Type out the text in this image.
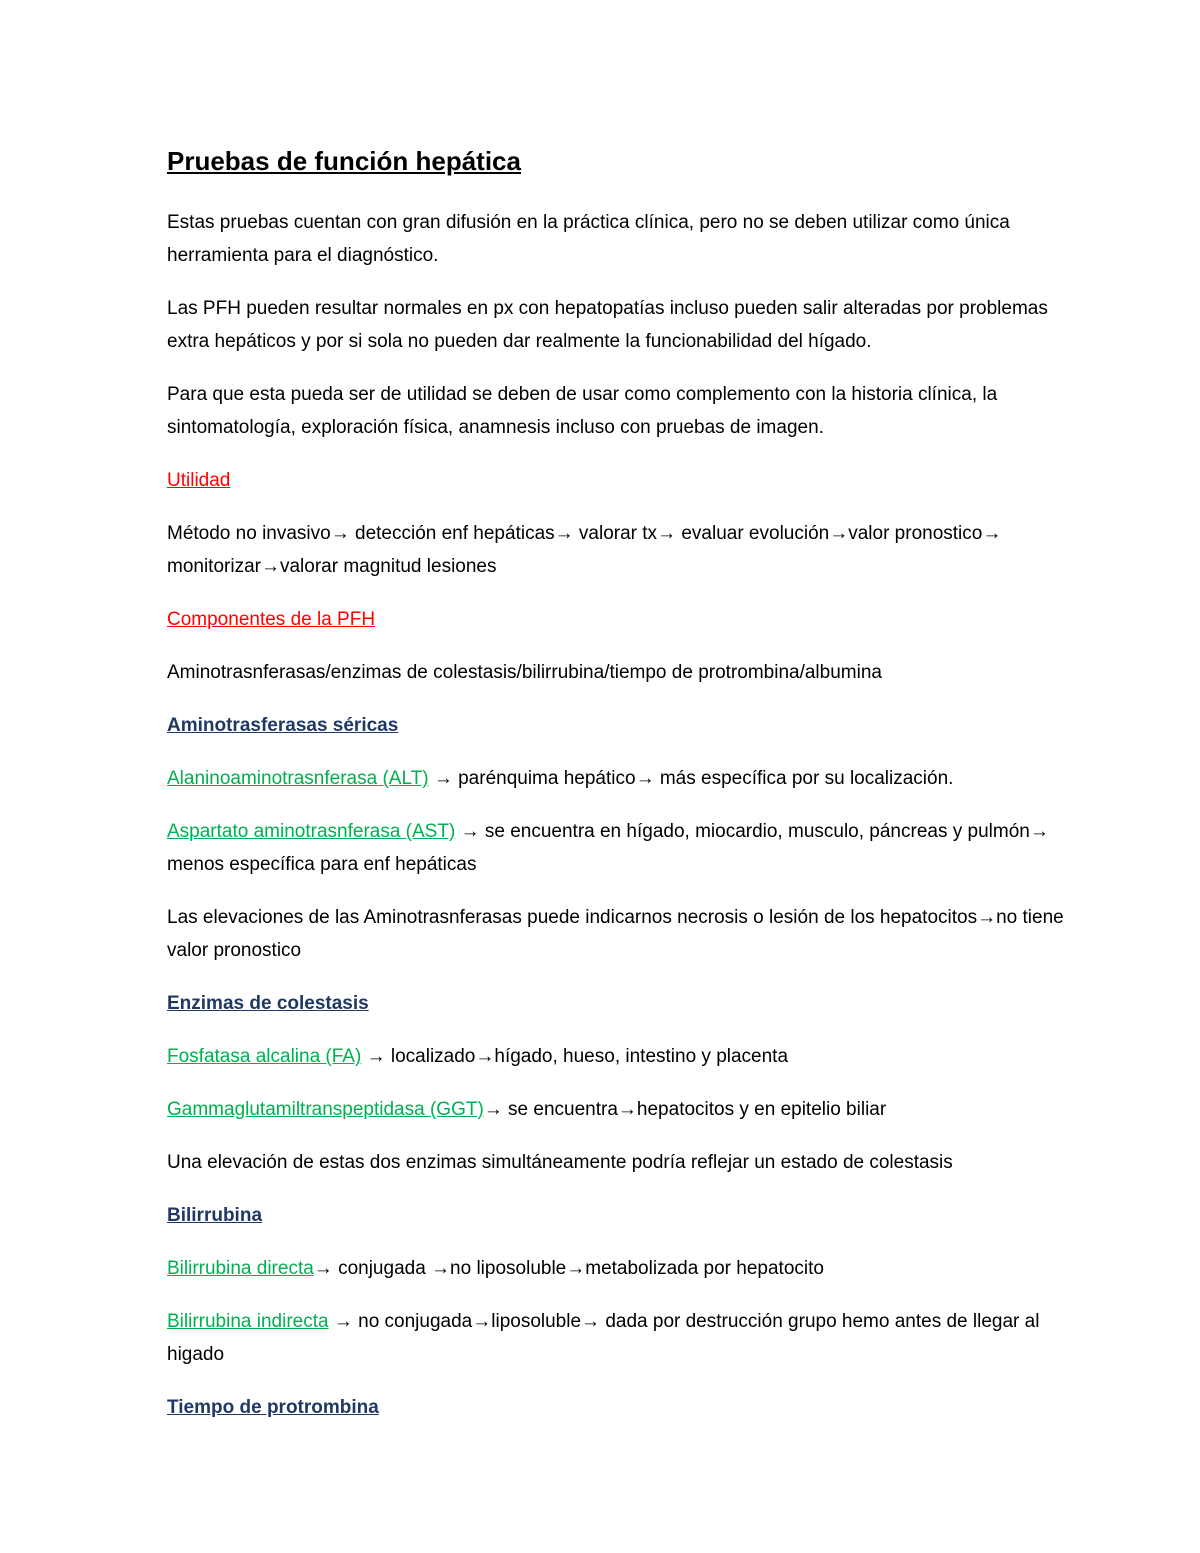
Pruebas de función hepática

Estas pruebas cuentan con gran difusión en la práctica clínica, pero no se deben utilizar como única herramienta para el diagnóstico.

Las PFH pueden resultar normales en px con hepatopatías incluso pueden salir alteradas por problemas extra hepáticos y por si sola no pueden dar realmente la funcionabilidad del hígado.

Para que esta pueda ser de utilidad se deben de usar como complemento con la historia clínica, la sintomatología, exploración física, anamnesis incluso con pruebas de imagen.

Utilidad

Método no invasivo→ detección enf hepáticas→ valorar tx→ evaluar evolución→valor pronostico→ monitorizar→valorar magnitud lesiones

Componentes de la PFH

Aminotrasnferasas/enzimas de colestasis/bilirrubina/tiempo de protrombina/albumina

Aminotrasferasas séricas

Alaninoaminotrasnferasa (ALT) → parénquima hepático→ más específica por su localización.

Aspartato aminotrasnferasa (AST) → se encuentra en hígado, miocardio, musculo, páncreas y pulmón→ menos específica para enf hepáticas

Las elevaciones de las Aminotrasnferasas puede indicarnos necrosis o lesión de los hepatocitos→no tiene valor pronostico

Enzimas de colestasis

Fosfatasa alcalina (FA) → localizado→hígado, hueso, intestino y placenta

Gammaglutamiltranspeptidasa (GGT)→ se encuentra→hepatocitos y en epitelio biliar

Una elevación de estas dos enzimas simultáneamente podría reflejar un estado de colestasis

Bilirrubina

Bilirrubina directa→ conjugada →no liposoluble→metabolizada por hepatocito

Bilirrubina indirecta → no conjugada→liposoluble→ dada por destrucción grupo hemo antes de llegar al higado

Tiempo de protrombina
